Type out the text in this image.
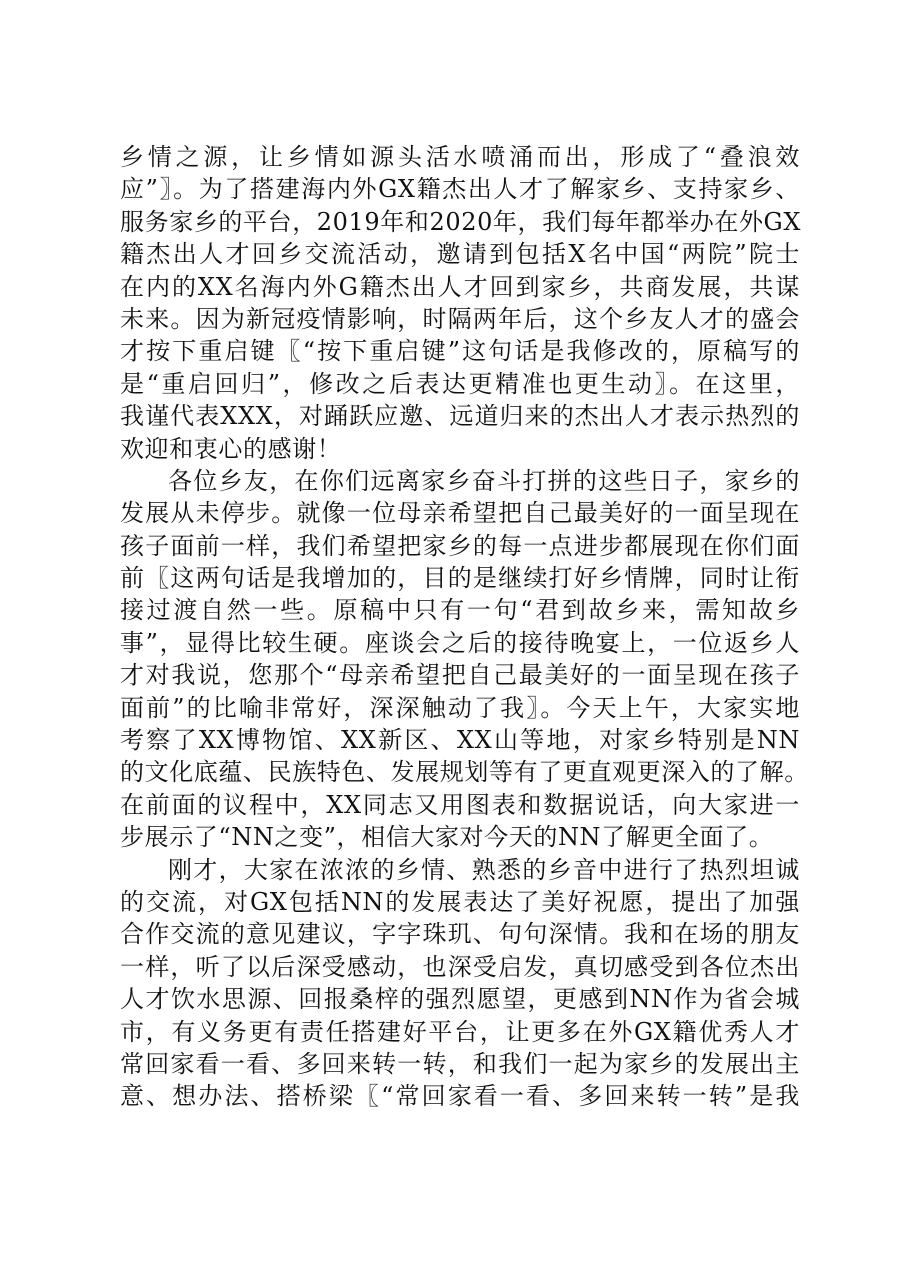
乡情之源，让乡情如源头活水喷涌而出，形成了“叠浪效
应”〗。为了搭建海内外GX籍杰出人才了解家乡、支持家乡、
服务家乡的平台，2019年和2020年，我们每年都举办在外GX
籍杰出人才回乡交流活动，邀请到包括X名中国“两院”院士
在内的XX名海内外G籍杰出人才回到家乡，共商发展，共谋
未来。因为新冠疫情影响，时隔两年后，这个乡友人才的盛会
才按下重启键〖“按下重启键”这句话是我修改的，原稿写的
是“重启回归”，修改之后表达更精准也更生动〗。在这里，
我谨代表XXX，对踊跃应邀、远道归来的杰出人才表示热烈的
欢迎和衷心的感谢！
各位乡友，在你们远离家乡奋斗打拼的这些日子，家乡的
发展从未停步。就像一位母亲希望把自己最美好的一面呈现在
孩子面前一样，我们希望把家乡的每一点进步都展现在你们面
前〖这两句话是我增加的，目的是继续打好乡情牌，同时让衔
接过渡自然一些。原稿中只有一句“君到故乡来，需知故乡
事”，显得比较生硬。座谈会之后的接待晚宴上，一位返乡人
才对我说，您那个“母亲希望把自己最美好的一面呈现在孩子
面前”的比喻非常好，深深触动了我〗。今天上午，大家实地
考察了XX博物馆、XX新区、XX山等地，对家乡特别是NN
的文化底蕴、民族特色、发展规划等有了更直观更深入的了解。
在前面的议程中，XX同志又用图表和数据说话，向大家进一
步展示了“NN之变”，相信大家对今天的NN了解更全面了。
刚才，大家在浓浓的乡情、熟悉的乡音中进行了热烈坦诚
的交流，对GX包括NN的发展表达了美好祝愿，提出了加强
合作交流的意见建议，字字珠玑、句句深情。我和在场的朋友
一样，听了以后深受感动，也深受启发，真切感受到各位杰出
人才饮水思源、回报桑梓的强烈愿望，更感到NN作为省会城
市，有义务更有责任搭建好平台，让更多在外GX籍优秀人才
常回家看一看、多回来转一转，和我们一起为家乡的发展出主
意、想办法、搭桥梁〖“常回家看一看、多回来转一转”是我
